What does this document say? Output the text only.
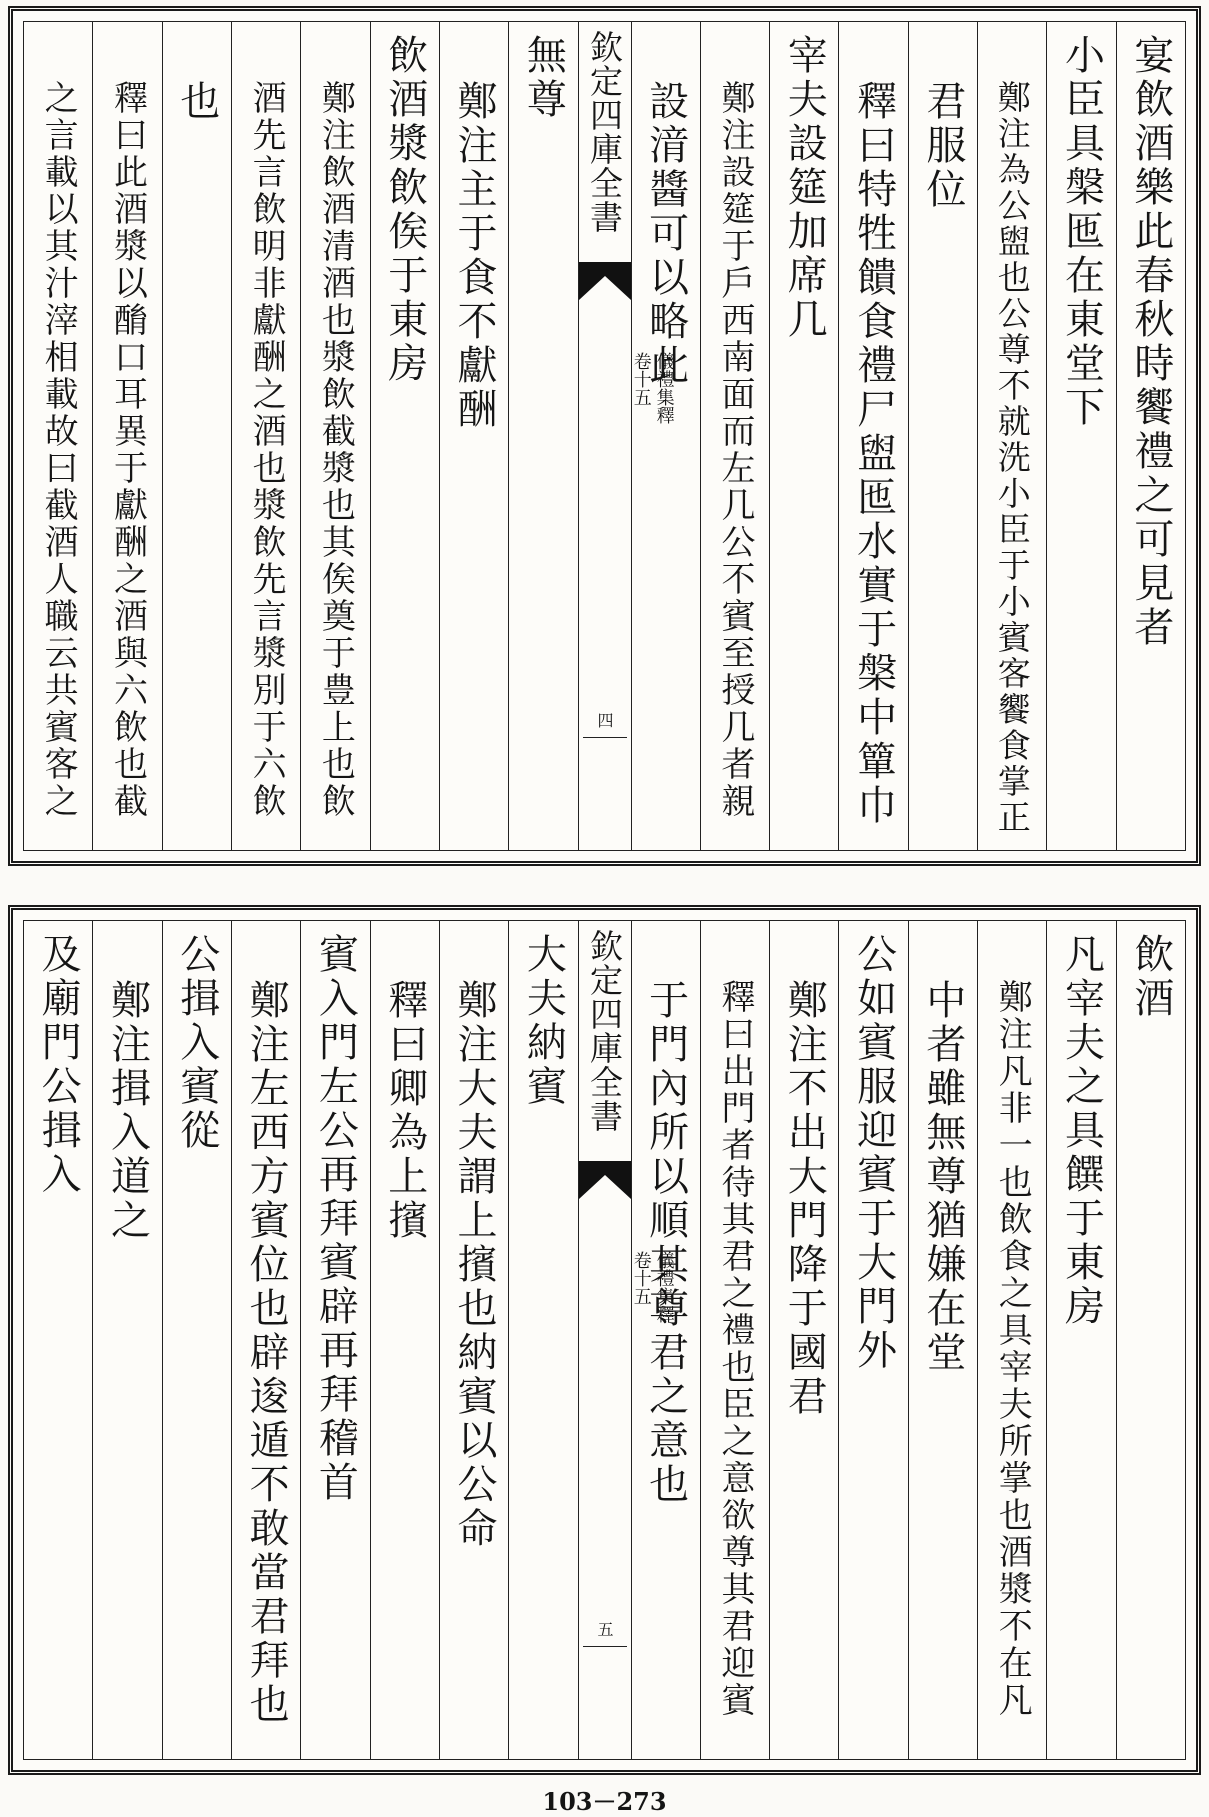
宴飲酒樂此春秋時饗禮之可見者
小臣具槃匜在東堂下
鄭注為公盥也公尊不就洗小臣于小賓客饗食掌正
君服位
釋曰特牲饋食禮尸盥匜水實于槃中簞巾
宰夫設筵加席几
鄭注設筵于戶西南面而左几公不賓至授几者親
設湇醬可以略此
欽定四庫全書
儀禮集釋
卷十五
四
無尊
鄭注主于食不獻酬
飲酒漿飲俟于東房
鄭注飲酒清酒也漿飲截漿也其俟奠于豊上也飲
酒先言飲明非獻酬之酒也漿飲先言漿別于六飲
也
釋曰此酒漿以酳口耳異于獻酬之酒與六飲也截
之言載以其汁滓相載故曰截酒人職云共賓客之
飲酒
凡宰夫之具饌于東房
鄭注凡非一也飲食之具宰夫所掌也酒漿不在凡
中者雖無尊猶嫌在堂
公如賓服迎賓于大門外
鄭注不出大門降于國君
釋曰出門者待其君之禮也臣之意欲尊其君迎賓
于門內所以順其尊君之意也
欽定四庫全書
儀禮集釋
卷十五
五
大夫納賓
鄭注大夫謂上擯也納賓以公命
釋曰卿為上擯
賓入門左公再拜賓辟再拜稽首
鄭注左西方賓位也辟逡遁不敢當君拜也
公揖入賓從
鄭注揖入道之
及廟門公揖入
103－273
